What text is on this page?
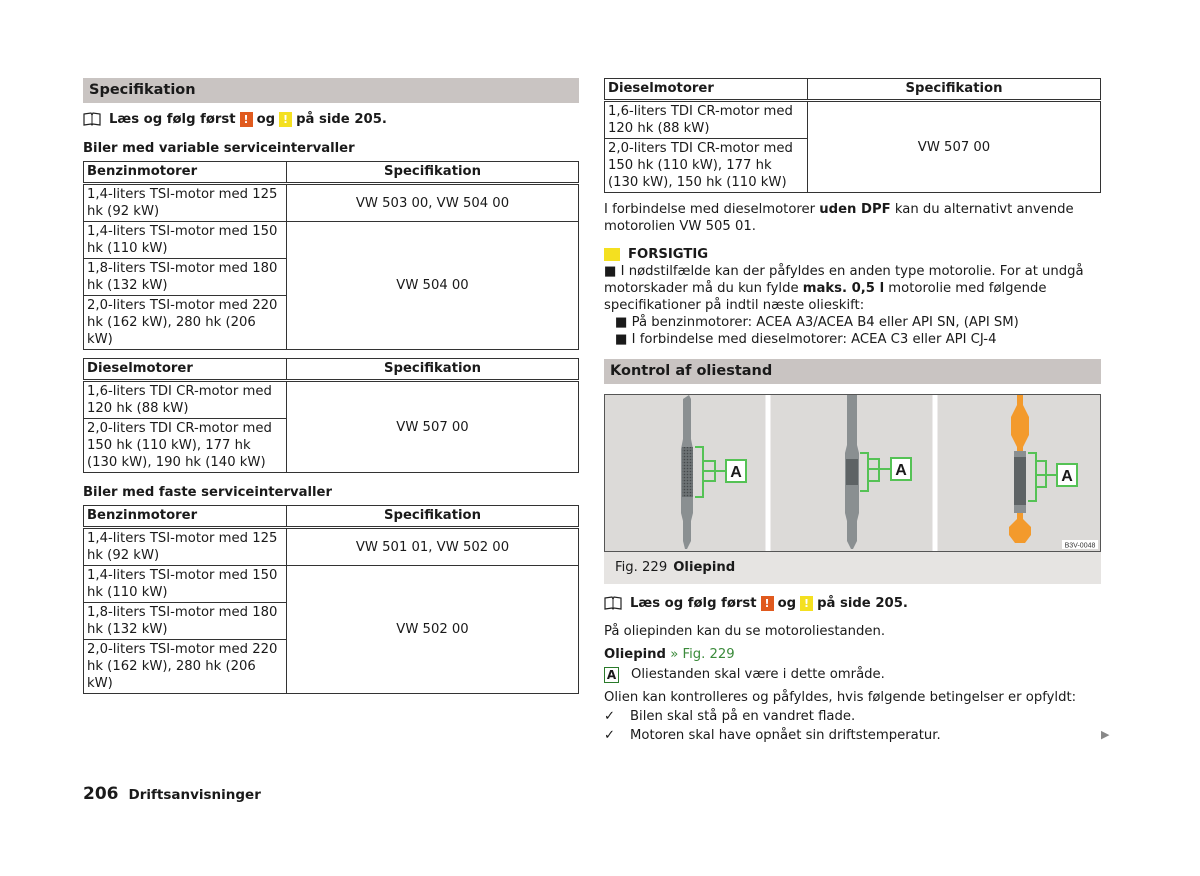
Specifikation
Læs og følg først ! og ! på side 205.
Biler med variable serviceintervaller
Benzinmotorer	Specifikation
1,4-liters TSI-motor med 125 hk (92 kW)	VW 503 00, VW 504 00
1,4-liters TSI-motor med 150 hk (110 kW)	VW 504 00
1,8-liters TSI-motor med 180 hk (132 kW)	
2,0-liters TSI-motor med 220 hk (162 kW), 280 hk (206 kW)	
Dieselmotorer	Specifikation
1,6-liters TDI CR-motor med 120 hk (88 kW)	VW 507 00
2,0-liters TDI CR-motor med 150 hk (110 kW), 177 hk (130 kW), 190 hk (140 kW)	
Biler med faste serviceintervaller
Benzinmotorer	Specifikation
1,4-liters TSI-motor med 125 hk (92 kW)	VW 501 01, VW 502 00
1,4-liters TSI-motor med 150 hk (110 kW)	VW 502 00
1,8-liters TSI-motor med 180 hk (132 kW)	
2,0-liters TSI-motor med 220 hk (162 kW), 280 hk (206 kW)	
Dieselmotorer	Specifikation
1,6-liters TDI CR-motor med 120 hk (88 kW)	VW 507 00
2,0-liters TDI CR-motor med 150 hk (110 kW), 177 hk (130 kW), 150 hk (110 kW)	

I forbindelse med dieselmotorer uden DPF kan du alternativt anvende motorolien VW 505 01.

FORSIGTIG

■ I nødstilfælde kan der påfyldes en anden type motorolie. For at undgå motorskader må du kun fylde maks. 0,5 l motorolie med følgende specifikationer på indtil næste olieskift:

■ På benzinmotorer: ACEA A3/ACEA B4 eller API SN, (API SM)

■ I forbindelse med dieselmotorer: ACEA C3 eller API CJ-4

Kontrol af oliestand
A	A	A
B3V-0048
Fig. 229 Oliepind
Læs og følg først ! og ! på side 205.

På oliepinden kan du se motoroliestanden.

Oliepind » Fig. 229

A Oliestanden skal være i dette område.

Olien kan kontrolleres og påfyldes, hvis følgende betingelser er opfyldt:

✓	Bilen skal stå på en vandret flade.
✓	Motoren skal have opnået sin driftstemperatur.	▶
206 Driftsanvisninger
